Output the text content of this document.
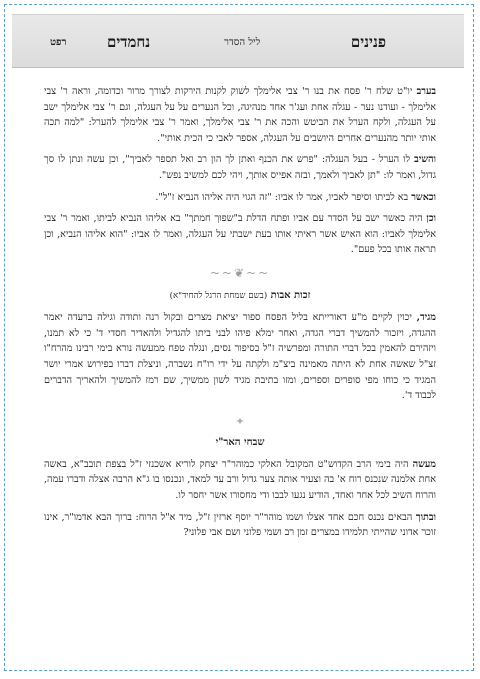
פנינים
ליל הסדר
נחמדים
רפט

בערב יו"ט שלח ר' פסח את בנו ר' צבי אלימלך לשוק לקנות הירקות לצורך מרור וכדומה, וראה ר' צבי אלימלך - ועודנו נער - עגלה אחת ועג'ר אחד מנהיגה, וכל הנערים על על העגלה, וגם ר' צבי אלימלך ישב על העגלה, ולקח הערל את הביטש והכה את ר' צבי אלימלך, ואמר ר' צבי אלימלך להערל: "למה תכה אותי יותר מהנערים אחרים היושבים על העגלה, אספר לאבי כי הכית אותי".

והשיב לו הערל - בעל העגלה: "פרש את הכנף ואתן לך הון רב ואל תספר לאביך", וכן עשה ונתן לו סך גדול, ואמר לו: "תן לאביך ולאמך, ובזה אפייס אותך, ויהי לכם למשיב נפש".

וכאשר בא לביתו וסיפר לאביו, אמר לו אביו: "זה הגוי היה אליהו הנביא ז"ל".

וכן היה כאשר ישב על הסדר עם אביו ופתח הדלת ב"שפוך חמתך" בא אליהו הנביא לביתו, ואמר ר' צבי אלימלך לאביו: הוא האיש אשר ראיתי אותו בעת ישבתי על העגלה, ואמר לו אביו: "הוא אליהו הנביא, וכן תראה אותו בכל פעם".

~~❦~~
זכות אבות (בשם שמחת הרגל להחיד"א)

מגיד, יכוין לקיים מ"ע דאורייתא בליל הפסח ספור יציאת מצרים ובקול רנה ותודה וגילה ברעדה יאמר ההגדה, ויזכור להמשיך דברי הגדה, ואחר ימלא פיהו לבני ביתו להגדיל ולהאדיר חסדי ד' כי לא תמנו, ויזהירם להאמין בכל דברי התורה ומפרשיה ז"ל בסיפור נסים, ונגלה טפח ממעשה נורא בימי רבינו מהרח"ו זצ"ל שאשה אחת לא היתה מאמינה ביצ"מ ולקתה על ידי רו"ח נשברה, וניצלת דברו בפירוש אמרי יושר המגיד כי כוחו מפי סופרים וספרים, ומזו בתיבת מגיד לשון ממשיך, שם רמז להמשיך ולהאריך הדברים לכבוד ד'.

✦
שבחי האר"י

מעשה היה בימי הרב הקדוש"ט המקובל האלקי כמוהר"ר יצחק לוריא אשכנזי ז"ל בצפת תובב"א, באשה אחת אלמנה שנכנס רוח א' בה וצעיר אותה צער גדול ורב עד למאד, ונכנסו בו ג"א הרבה אצלה ודברו עמה, והרוח השיב לכל אחד ואחד, הודיע נגעו לבבו ודי מחסורו אשר יחסר לו.

ובתוך הבאים נכנס חכם אחד אצלו ושמו מוהר"ר יוסף ארזין ז"ל, מיד א"ל הרוח: ברוך הבא אדמו"ר, אינו זוכר אדוני שהייתי תלמידו במצרים זמן רב ושמי פלוני ושם אבי פלוני?
